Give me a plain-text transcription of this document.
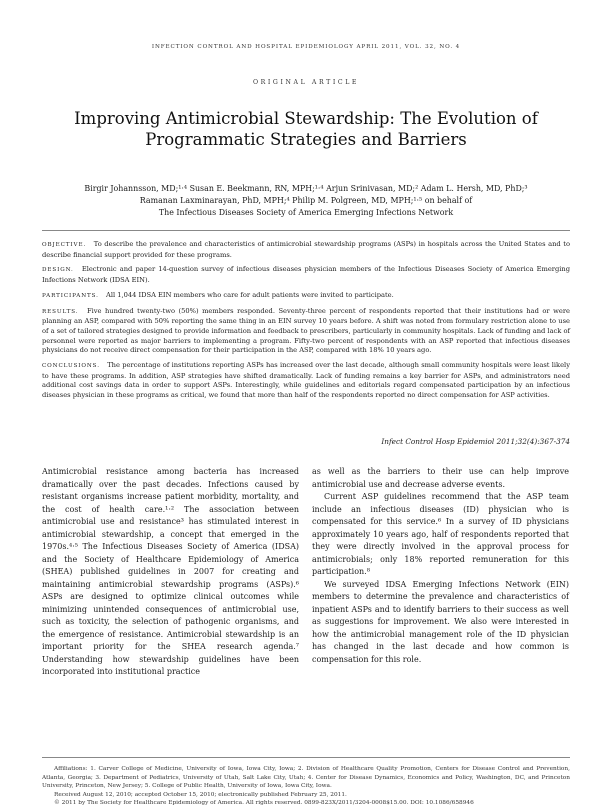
INFECTION CONTROL AND HOSPITAL EPIDEMIOLOGY APRIL 2011, VOL. 32, NO. 4
ORIGINAL ARTICLE
Improving Antimicrobial Stewardship: The Evolution of
Programmatic Strategies and Barriers
Birgir Johannsson, MD;¹·⁴ Susan E. Beekmann, RN, MPH;¹·⁴ Arjun Srinivasan, MD;² Adam L. Hersh, MD, PhD;³
Ramanan Laxminarayan, PhD, MPH;⁴ Philip M. Polgreen, MD, MPH;¹·⁵ on behalf of
The Infectious Diseases Society of America Emerging Infections Network

OBJECTIVE. To describe the prevalence and characteristics of antimicrobial stewardship programs (ASPs) in hospitals across the United States and to describe financial support provided for these programs.

DESIGN. Electronic and paper 14-question survey of infectious diseases physician members of the Infectious Diseases Society of America Emerging Infections Network (IDSA EIN).

PARTICIPANTS. All 1,044 IDSA EIN members who care for adult patients were invited to participate.

RESULTS. Five hundred twenty-two (50%) members responded. Seventy-three percent of respondents reported that their institutions had or were planning an ASP, compared with 50% reporting the same thing in an EIN survey 10 years before. A shift was noted from formulary restriction alone to use of a set of tailored strategies designed to provide information and feedback to prescribers, particularly in community hospitals. Lack of funding and lack of personnel were reported as major barriers to implementing a program. Fifty-two percent of respondents with an ASP reported that infectious diseases physicians do not receive direct compensation for their participation in the ASP, compared with 18% 10 years ago.

CONCLUSIONS. The percentage of institutions reporting ASPs has increased over the last decade, although small community hospitals were least likely to have these programs. In addition, ASP strategies have shifted dramatically. Lack of funding remains a key barrier for ASPs, and administrators need additional cost savings data in order to support ASPs. Interestingly, while guidelines and editorials regard compensated participation by an infectious diseases physician in these programs as critical, we found that more than half of the respondents reported no direct compensation for ASP activities.

Infect Control Hosp Epidemiol 2011;32(4):367-374

Antimicrobial resistance among bacteria has increased dramatically over the past decades. Infections caused by resistant organisms increase patient morbidity, mortality, and the cost of health care.¹·² The association between antimicrobial use and resistance³ has stimulated interest in antimicrobial stewardship, a concept that emerged in the 1970s.⁴·⁵ The Infectious Diseases Society of America (IDSA) and the Society of Healthcare Epidemiology of America (SHEA) published guidelines in 2007 for creating and maintaining antimicrobial stewardship programs (ASPs).⁶ ASPs are designed to optimize clinical outcomes while minimizing unintended consequences of antimicrobial use, such as toxicity, the selection of pathogenic organisms, and the emergence of resistance. Antimicrobial stewardship is an important priority for the SHEA research agenda.⁷ Understanding how stewardship guidelines have been incorporated into institutional practice

as well as the barriers to their use can help improve antimicrobial use and decrease adverse events.

Current ASP guidelines recommend that the ASP team include an infectious diseases (ID) physician who is compensated for this service.⁶ In a survey of ID physicians approximately 10 years ago, half of respondents reported that they were directly involved in the approval process for antimicrobials; only 18% reported remuneration for this participation.⁸

We surveyed IDSA Emerging Infections Network (EIN) members to determine the prevalence and characteristics of inpatient ASPs and to identify barriers to their success as well as suggestions for improvement. We also were interested in how the antimicrobial management role of the ID physician has changed in the last decade and how common is compensation for this role.

Affiliations: 1. Carver College of Medicine, University of Iowa, Iowa City, Iowa; 2. Division of Healthcare Quality Promotion, Centers for Disease Control and Prevention, Atlanta, Georgia; 3. Department of Pediatrics, University of Utah, Salt Lake City, Utah; 4. Center for Disease Dynamics, Economics and Policy, Washington, DC, and Princeton University, Princeton, New Jersey; 5. College of Public Health, University of Iowa, Iowa City, Iowa.

Received August 12, 2010; accepted October 15, 2010; electronically published February 25, 2011.

© 2011 by The Society for Healthcare Epidemiology of America. All rights reserved. 0899-823X/2011/3204-0008$15.00. DOI: 10.1086/658946
